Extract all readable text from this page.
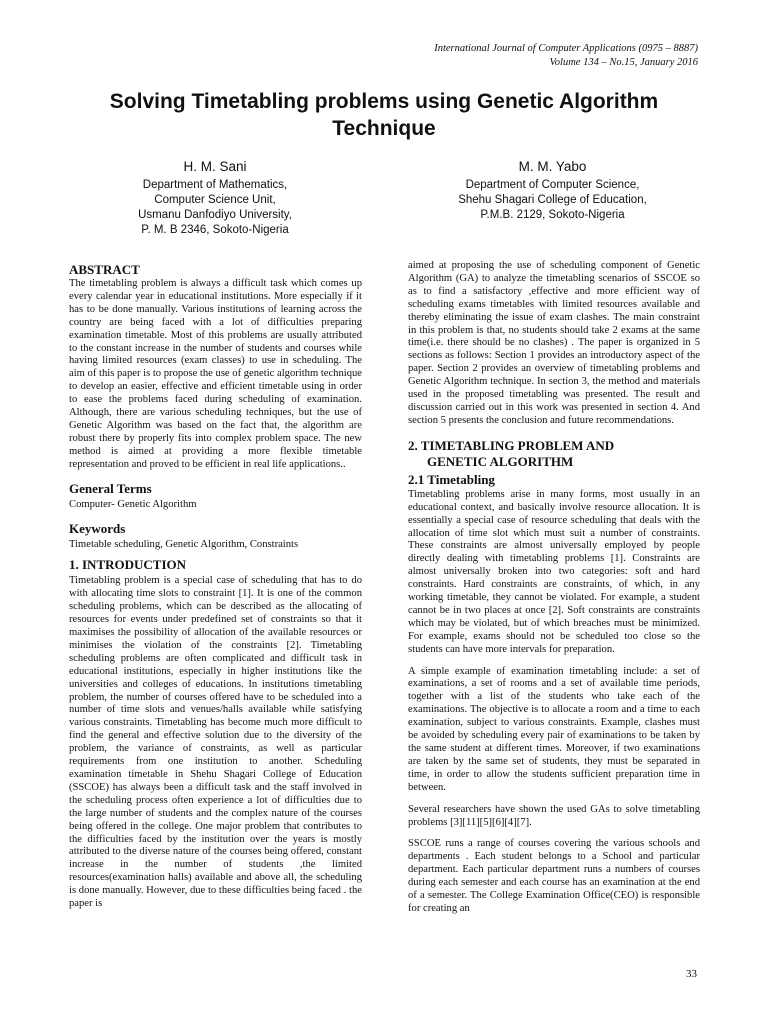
International Journal of Computer Applications (0975 – 8887)
Volume 134 – No.15, January 2016
Solving Timetabling problems using Genetic Algorithm Technique
H. M. Sani
Department of Mathematics,
Computer Science Unit,
Usmanu Danfodiyo University,
P. M. B 2346, Sokoto-Nigeria
M. M. Yabo
Department of Computer Science,
Shehu Shagari College of Education,
P.M.B. 2129, Sokoto-Nigeria
ABSTRACT

The timetabling problem is always a difficult task which comes up every calendar year in educational institutions. More especially if it has to be done manually. Various institutions of learning across the country are being faced with a lot of difficulties preparing examination timetable. Most of this problems are usually attributed to the constant increase in the number of students and courses while having limited resources (exam classes) to use in scheduling. The aim of this paper is to propose the use of genetic algorithm technique to develop an easier, effective and efficient timetable using in order to ease the problems faced during scheduling of examination. Although, there are various scheduling techniques, but the use of Genetic Algorithm was based on the fact that, the algorithm are robust there by properly fits into complex problem space. The new method is aimed at providing a more flexible timetable representation and proved to be efficient in real life applications..

General Terms

Computer- Genetic Algorithm

Keywords

Timetable scheduling, Genetic Algorithm, Constraints

1. INTRODUCTION

Timetabling problem is a special case of scheduling that has to do with allocating time slots to constraint [1]. It is one of the common scheduling problems, which can be described as the allocating of resources for events under predefined set of constraints so that it maximises the possibility of allocation of the available resources or minimises the violation of the constraints [2]. Timetabling scheduling problems are often complicated and difficult task in educational institutions, especially in higher institutions like the universities and colleges of educations. In institutions timetabling problem, the number of courses offered have to be scheduled into a number of time slots and venues/halls available while satisfying various constraints. Timetabling has become much more difficult to find the general and effective solution due to the diversity of the problem, the variance of constraints, as well as particular requirements from one institution to another. Scheduling examination timetable in Shehu Shagari College of Education (SSCOE) has always been a difficult task and the staff involved in the scheduling process often experience a lot of difficulties due to the large number of students and the complex nature of the courses being offered in the college. One major problem that contributes to the difficulties faced by the institution over the years is mostly attributed to the diverse nature of the courses being offered, constant increase in the number of students ,the limited resources(examination halls) available and above all, the scheduling is done manually. However, due to these difficulties being faced . the paper is

aimed at proposing the use of scheduling component of Genetic Algorithm (GA) to analyze the timetabling scenarios of SSCOE so as to find a satisfactory ,effective and more efficient way of scheduling exams timetables with limited resources available and thereby eliminating the issue of exam clashes. The main constraint in this problem is that, no students should take 2 exams at the same time(i.e. there should be no clashes) . The paper is organized in 5 sections as follows: Section 1 provides an introductory aspect of the paper. Section 2 provides an overview of timetabling problems and Genetic Algorithm technique. In section 3, the method and materials used in the proposed timetabling was presented. The result and discussion carried out in this work was presented in section 4. And section 5 presents the conclusion and future recommendations.

2. TIMETABLING PROBLEM AND
GENETIC ALGORITHM
2.1 Timetabling

Timetabling problems arise in many forms, most usually in an educational context, and basically involve resource allocation. It is essentially a special case of resource scheduling that deals with the allocation of time slot which must suit a number of constraints. These constraints are almost universally employed by people directly dealing with timetabling problems [1]. Constraints are almost universally broken into two categories: soft and hard constraints. Hard constraints are constraints, of which, in any working timetable, they cannot be violated. For example, a student cannot be in two places at once [2]. Soft constraints are constraints which may be violated, but of which breaches must be minimized. For example, exams should not be scheduled too close so the students can have more intervals for preparation.

A simple example of examination timetabling include: a set of examinations, a set of rooms and a set of available time periods, together with a list of the students who take each of the examinations. The objective is to allocate a room and a time to each examination, subject to various constraints. Example, clashes must be avoided by scheduling every pair of examinations to be taken by the same student at different times. Moreover, if two examinations are taken by the same set of students, they must be separated in time, in order to allow the students sufficient preparation time in between.

Several researchers have shown the used GAs to solve timetabling problems [3][11][5][6][4][7].

SSCOE runs a range of courses covering the various schools and departments . Each student belongs to a School and particular department. Each particular department runs a numbers of courses during each semester and each course has an examination at the end of a semester. The College Examination Office(CEO) is responsible for creating an

33
